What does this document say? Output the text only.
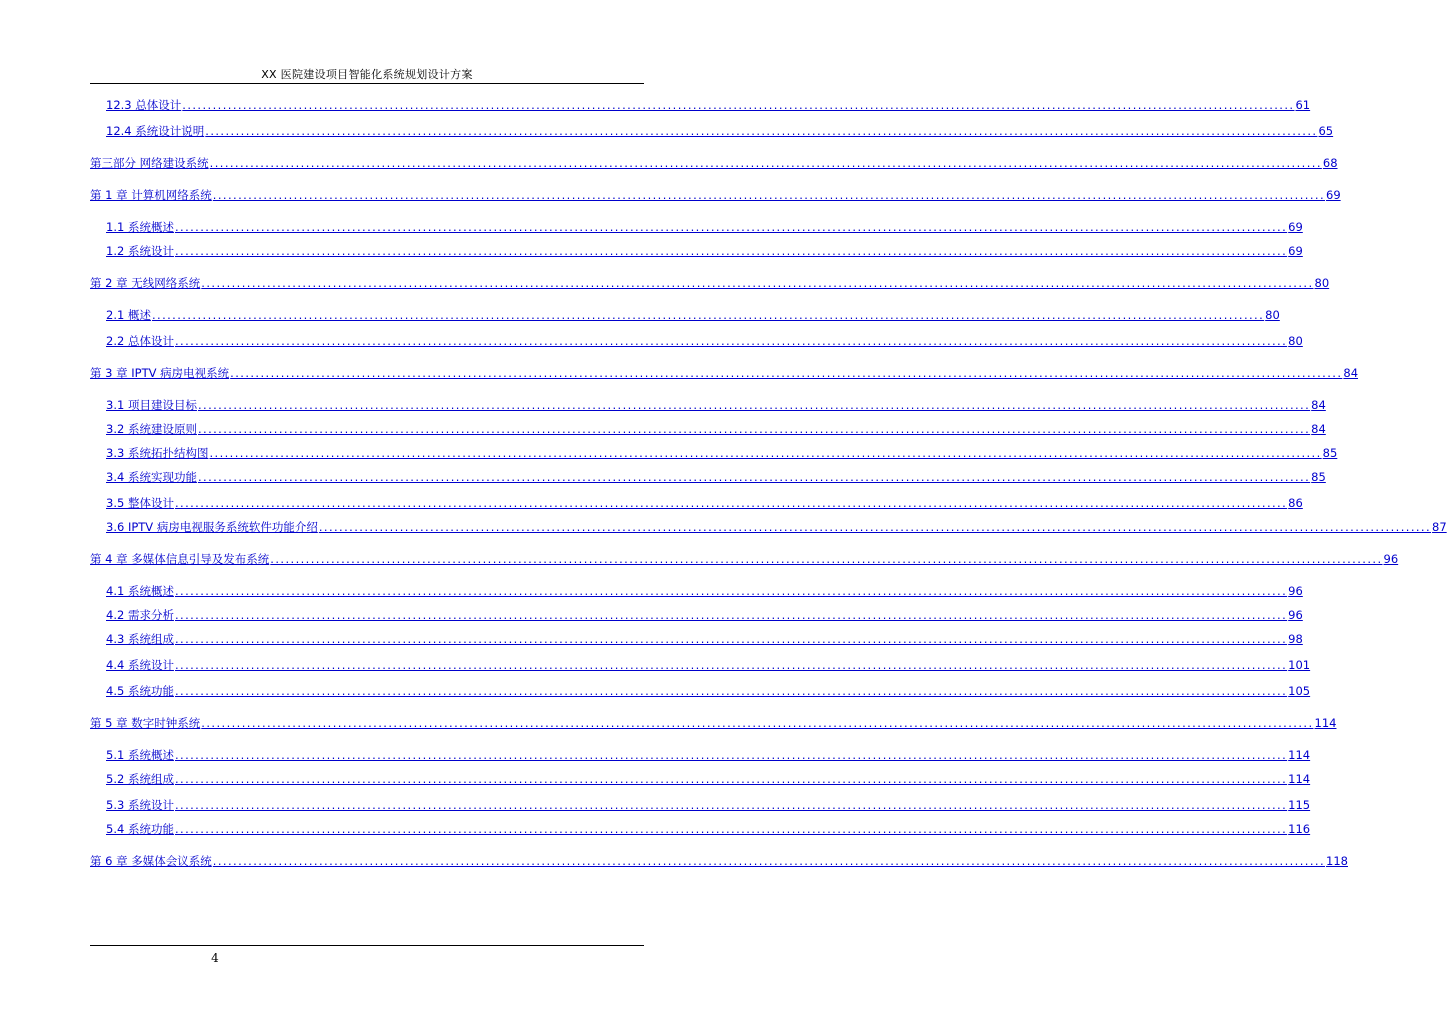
XX 医院建设项目智能化系统规划设计方案
12.3 总体设计 ............................................................................................................................................................................................................................ 61
12.4 系统设计说明 ............................................................................................................................................................................................................................ 65
第三部分 网络建设系统 ............................................................................................................................................................................................................................ 68
第 1 章 计算机网络系统 ............................................................................................................................................................................................................................ 69
1.1 系统概述 ............................................................................................................................................................................................................................ 69
1.2 系统设计 ............................................................................................................................................................................................................................ 69
第 2 章 无线网络系统 ............................................................................................................................................................................................................................ 80
2.1 概述 ............................................................................................................................................................................................................................ 80
2.2 总体设计 ............................................................................................................................................................................................................................ 80
第 3 章 IPTV 病房电视系统 ............................................................................................................................................................................................................................ 84
3.1 项目建设目标 ............................................................................................................................................................................................................................ 84
3.2 系统建设原则 ............................................................................................................................................................................................................................ 84
3.3 系统拓扑结构图 ............................................................................................................................................................................................................................ 85
3.4 系统实现功能 ............................................................................................................................................................................................................................ 85
3.5 整体设计 ............................................................................................................................................................................................................................ 86
3.6 IPTV 病房电视服务系统软件功能介绍 ............................................................................................................................................................................................................................ 87
第 4 章 多媒体信息引导及发布系统 ............................................................................................................................................................................................................................ 96
4.1 系统概述 ............................................................................................................................................................................................................................ 96
4.2 需求分析 ............................................................................................................................................................................................................................ 96
4.3 系统组成 ............................................................................................................................................................................................................................ 98
4.4 系统设计 ............................................................................................................................................................................................................................ 101
4.5 系统功能 ............................................................................................................................................................................................................................ 105
第 5 章 数字时钟系统 ............................................................................................................................................................................................................................ 114
5.1 系统概述 ............................................................................................................................................................................................................................ 114
5.2 系统组成 ............................................................................................................................................................................................................................ 114
5.3 系统设计 ............................................................................................................................................................................................................................ 115
5.4 系统功能 ............................................................................................................................................................................................................................ 116
第 6 章 多媒体会议系统 ............................................................................................................................................................................................................................ 118
4
